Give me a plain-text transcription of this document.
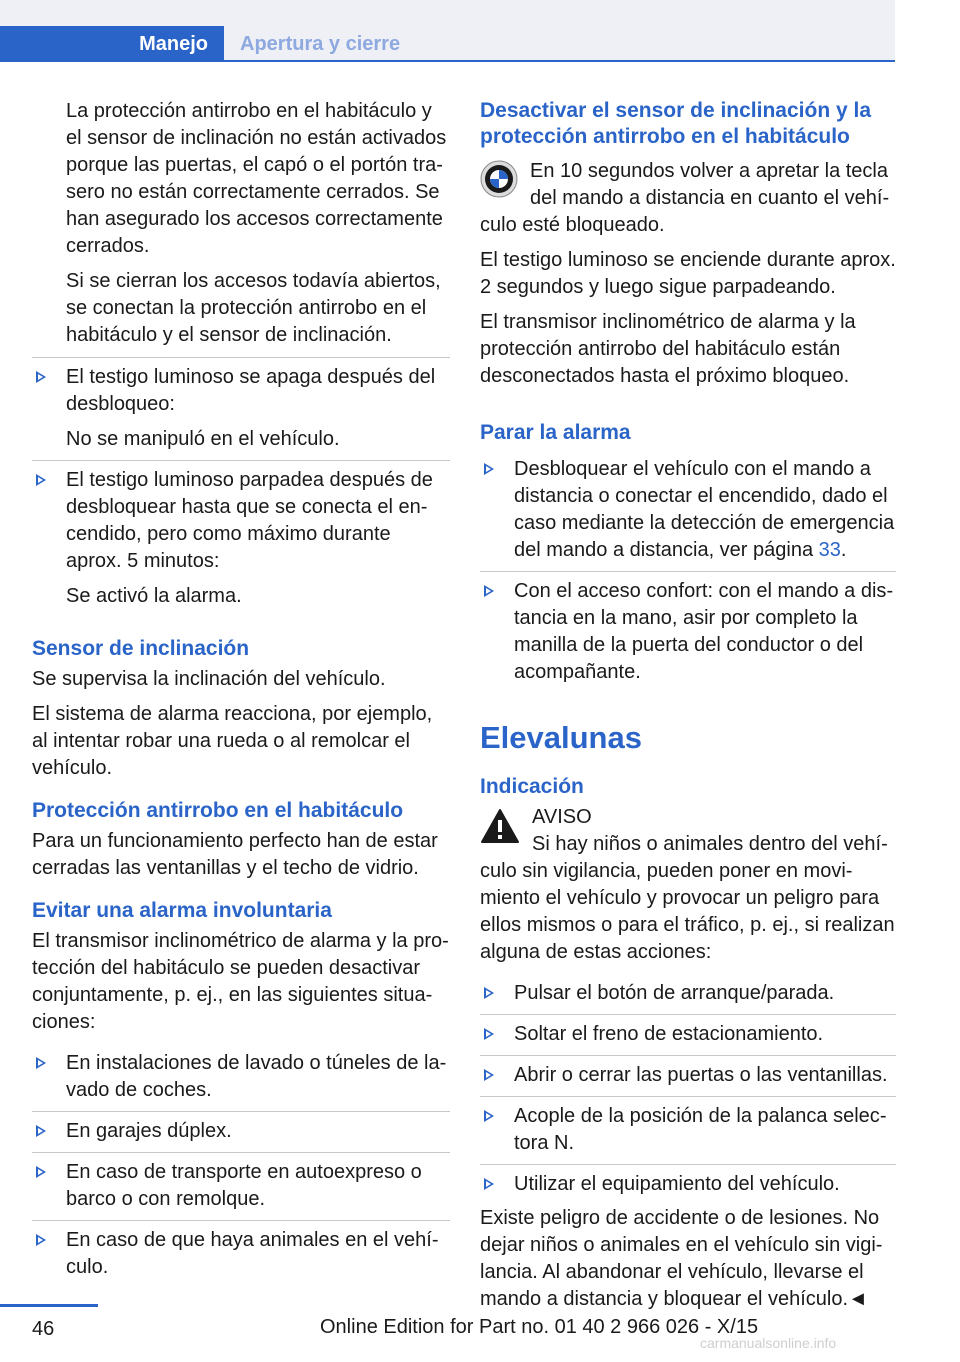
Manejo	Apertura y cierre

La protección antirrobo en el habitáculo y el sensor de inclinación no están activados porque las puertas, el capó o el portón trasero no están correctamente cerrados. Se han asegurado los accesos correctamente cerrados.

Si se cierran los accesos todavía abiertos, se conectan la protección antirrobo en el habitáculo y el sensor de inclinación.

El testigo luminoso se apaga después del desbloqueo:
No se manipuló en el vehículo.
El testigo luminoso parpadea después de desbloquear hasta que se conecta el encendido, pero como máximo durante aprox. 5 minutos:
Se activó la alarma.
Sensor de inclinación

Se supervisa la inclinación del vehículo.

El sistema de alarma reacciona, por ejemplo, al intentar robar una rueda o al remolcar el vehículo.

Protección antirrobo en el habitáculo

Para un funcionamiento perfecto han de estar cerradas las ventanillas y el techo de vidrio.

Evitar una alarma involuntaria

El transmisor inclinométrico de alarma y la protección del habitáculo se pueden desactivar conjuntamente, p. ej., en las siguientes situaciones:

En instalaciones de lavado o túneles de lavado de coches.
En garajes dúplex.
En caso de transporte en autoexpreso o barco o con remolque.
En caso de que haya animales en el vehículo.
Desactivar el sensor de inclinación y la protección antirrobo en el habitáculo

En 10 segundos volver a apretar la tecla del mando a distancia en cuanto el vehículo esté bloqueado.

El testigo luminoso se enciende durante aprox. 2 segundos y luego sigue parpadeando.

El transmisor inclinométrico de alarma y la protección antirrobo del habitáculo están desconectados hasta el próximo bloqueo.

Parar la alarma
Desbloquear el vehículo con el mando a distancia o conectar el encendido, dado el caso mediante la detección de emergencia del mando a distancia, ver página 33.
Con el acceso confort: con el mando a distancia en la mano, asir por completo la manilla de la puerta del conductor o del acompañante.
Elevalunas
Indicación
AVISO

Si hay niños o animales dentro del vehículo sin vigilancia, pueden poner en movimiento el vehículo y provocar un peligro para ellos mismos o para el tráfico, p. ej., si realizan alguna de estas acciones:

Pulsar el botón de arranque/parada.
Soltar el freno de estacionamiento.
Abrir o cerrar las puertas o las ventanillas.
Acople de la posición de la palanca selectora N.
Utilizar el equipamiento del vehículo.

Existe peligro de accidente o de lesiones. No dejar niños o animales en el vehículo sin vigilancia. Al abandonar el vehículo, llevarse el mando a distancia y bloquear el vehículo.◄

46	Online Edition for Part no. 01 40 2 966 026 - X/15
carmanualsonline.info
